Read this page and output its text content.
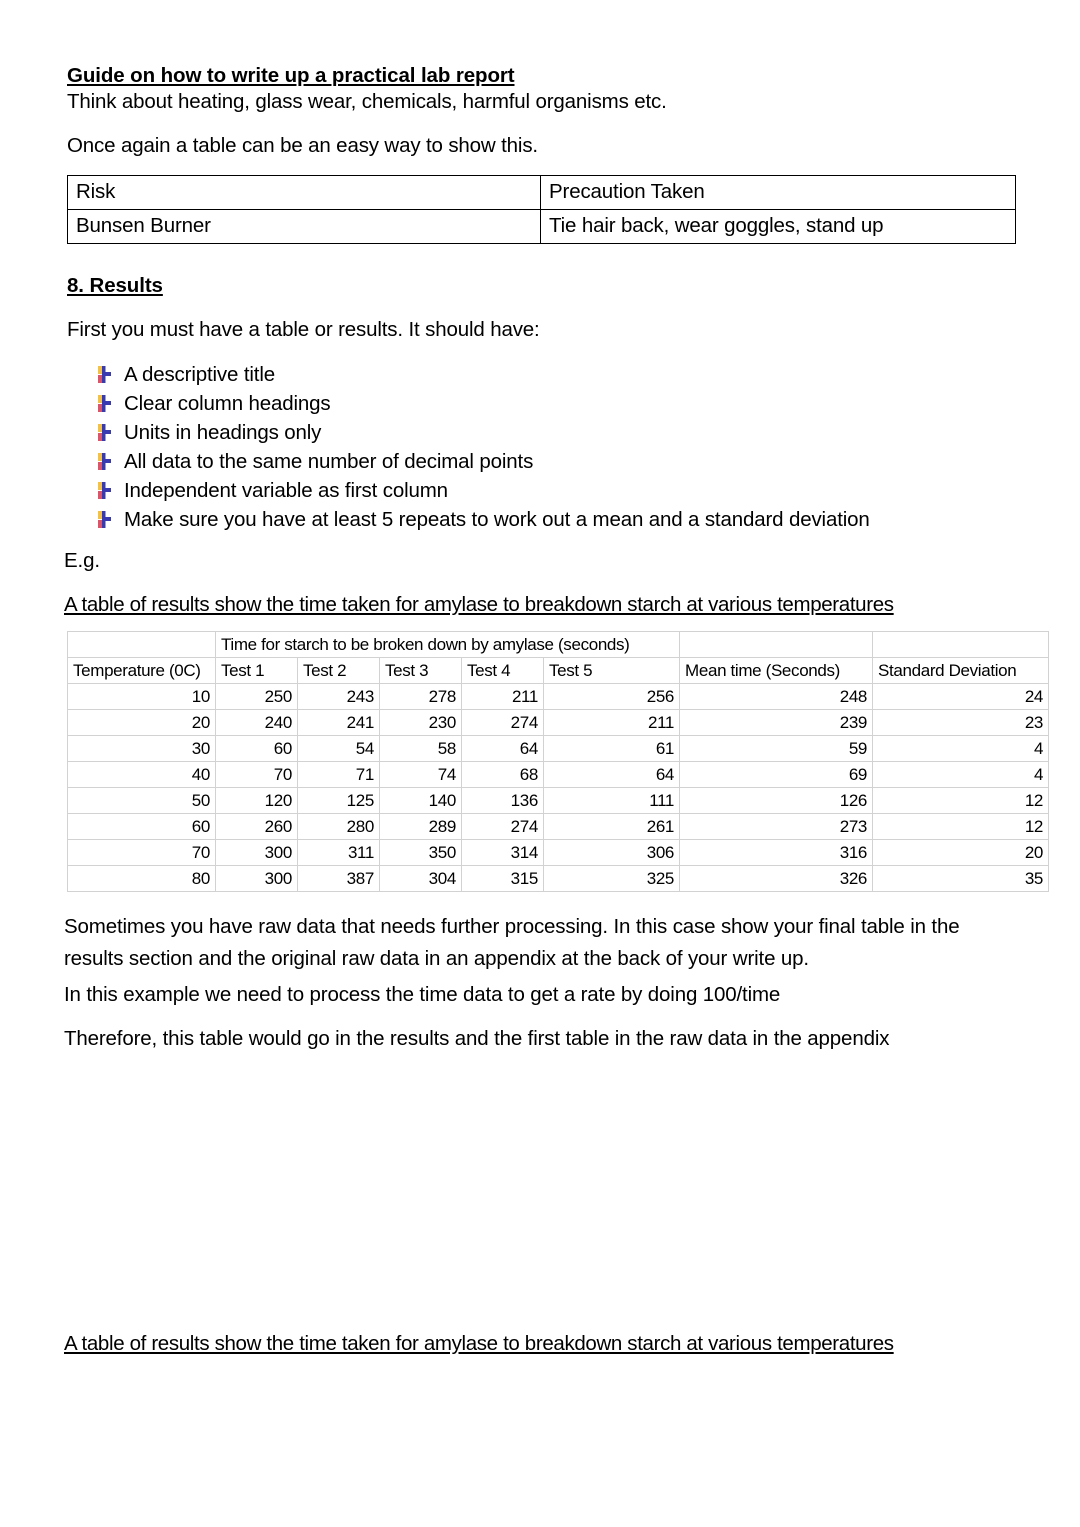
Guide on how to write up a practical lab report
Think about heating, glass wear, chemicals, harmful organisms etc.
Once again a table can be an easy way to show this.
Risk	Precaution Taken
Bunsen Burner	Tie hair back, wear goggles, stand up
8. Results
First you must have a table or results. It should have:
A descriptive title
Clear column headings
Units in headings only
All data to the same number of decimal points
Independent variable as first column
Make sure you have at least 5 repeats to work out a mean and a standard deviation
E.g.
A table of results show the time taken for amylase to breakdown starch at various temperatures
	Time for starch to be broken down by amylase (seconds)						
Temperature (0C)	Test 1	Test 2	Test 3	Test 4	Test 5	Mean time (Seconds)	Standard Deviation
10	250	243	278	211	256	248	24
20	240	241	230	274	211	239	23
30	60	54	58	64	61	59	4
40	70	71	74	68	64	69	4
50	120	125	140	136	111	126	12
60	260	280	289	274	261	273	12
70	300	311	350	314	306	316	20
80	300	387	304	315	325	326	35
Sometimes you have raw data that needs further processing. In this case show your final table in the results section and the original raw data in an appendix at the back of your write up.
In this example we need to process the time data to get a rate by doing 100/time
Therefore, this table would go in the results and the first table in the raw data in the appendix
A table of results show the time taken for amylase to breakdown starch at various temperatures
